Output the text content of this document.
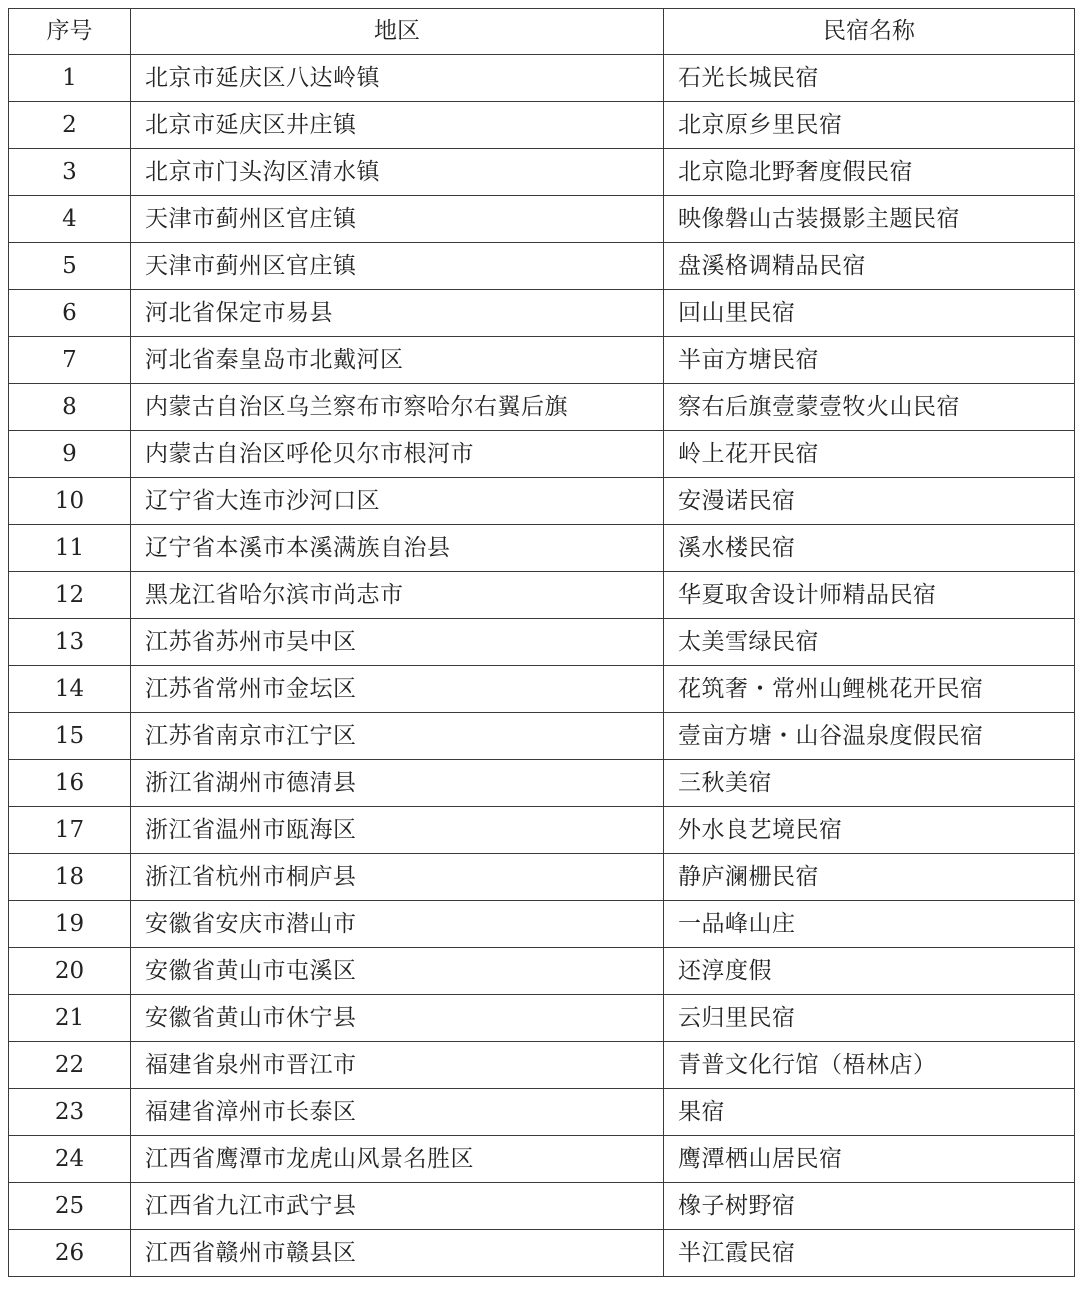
序号	地区	民宿名称
1	北京市延庆区八达岭镇	石光长城民宿
2	北京市延庆区井庄镇	北京原乡里民宿
3	北京市门头沟区清水镇	北京隐北野奢度假民宿
4	天津市蓟州区官庄镇	映像磐山古装摄影主题民宿
5	天津市蓟州区官庄镇	盘溪格调精品民宿
6	河北省保定市易县	回山里民宿
7	河北省秦皇岛市北戴河区	半亩方塘民宿
8	内蒙古自治区乌兰察布市察哈尔右翼后旗	察右后旗壹蒙壹牧火山民宿
9	内蒙古自治区呼伦贝尔市根河市	岭上花开民宿
10	辽宁省大连市沙河口区	安漫诺民宿
11	辽宁省本溪市本溪满族自治县	溪水楼民宿
12	黑龙江省哈尔滨市尚志市	华夏取舍设计师精品民宿
13	江苏省苏州市吴中区	太美雪绿民宿
14	江苏省常州市金坛区	花筑奢・常州山鲤桃花开民宿
15	江苏省南京市江宁区	壹亩方塘・山谷温泉度假民宿
16	浙江省湖州市德清县	三秋美宿
17	浙江省温州市瓯海区	外水良艺境民宿
18	浙江省杭州市桐庐县	静庐澜栅民宿
19	安徽省安庆市潜山市	一品峰山庄
20	安徽省黄山市屯溪区	还淳度假
21	安徽省黄山市休宁县	云归里民宿
22	福建省泉州市晋江市	青普文化行馆（梧林店）
23	福建省漳州市长泰区	果宿
24	江西省鹰潭市龙虎山风景名胜区	鹰潭栖山居民宿
25	江西省九江市武宁县	橡子树野宿
26	江西省赣州市赣县区	半江霞民宿
